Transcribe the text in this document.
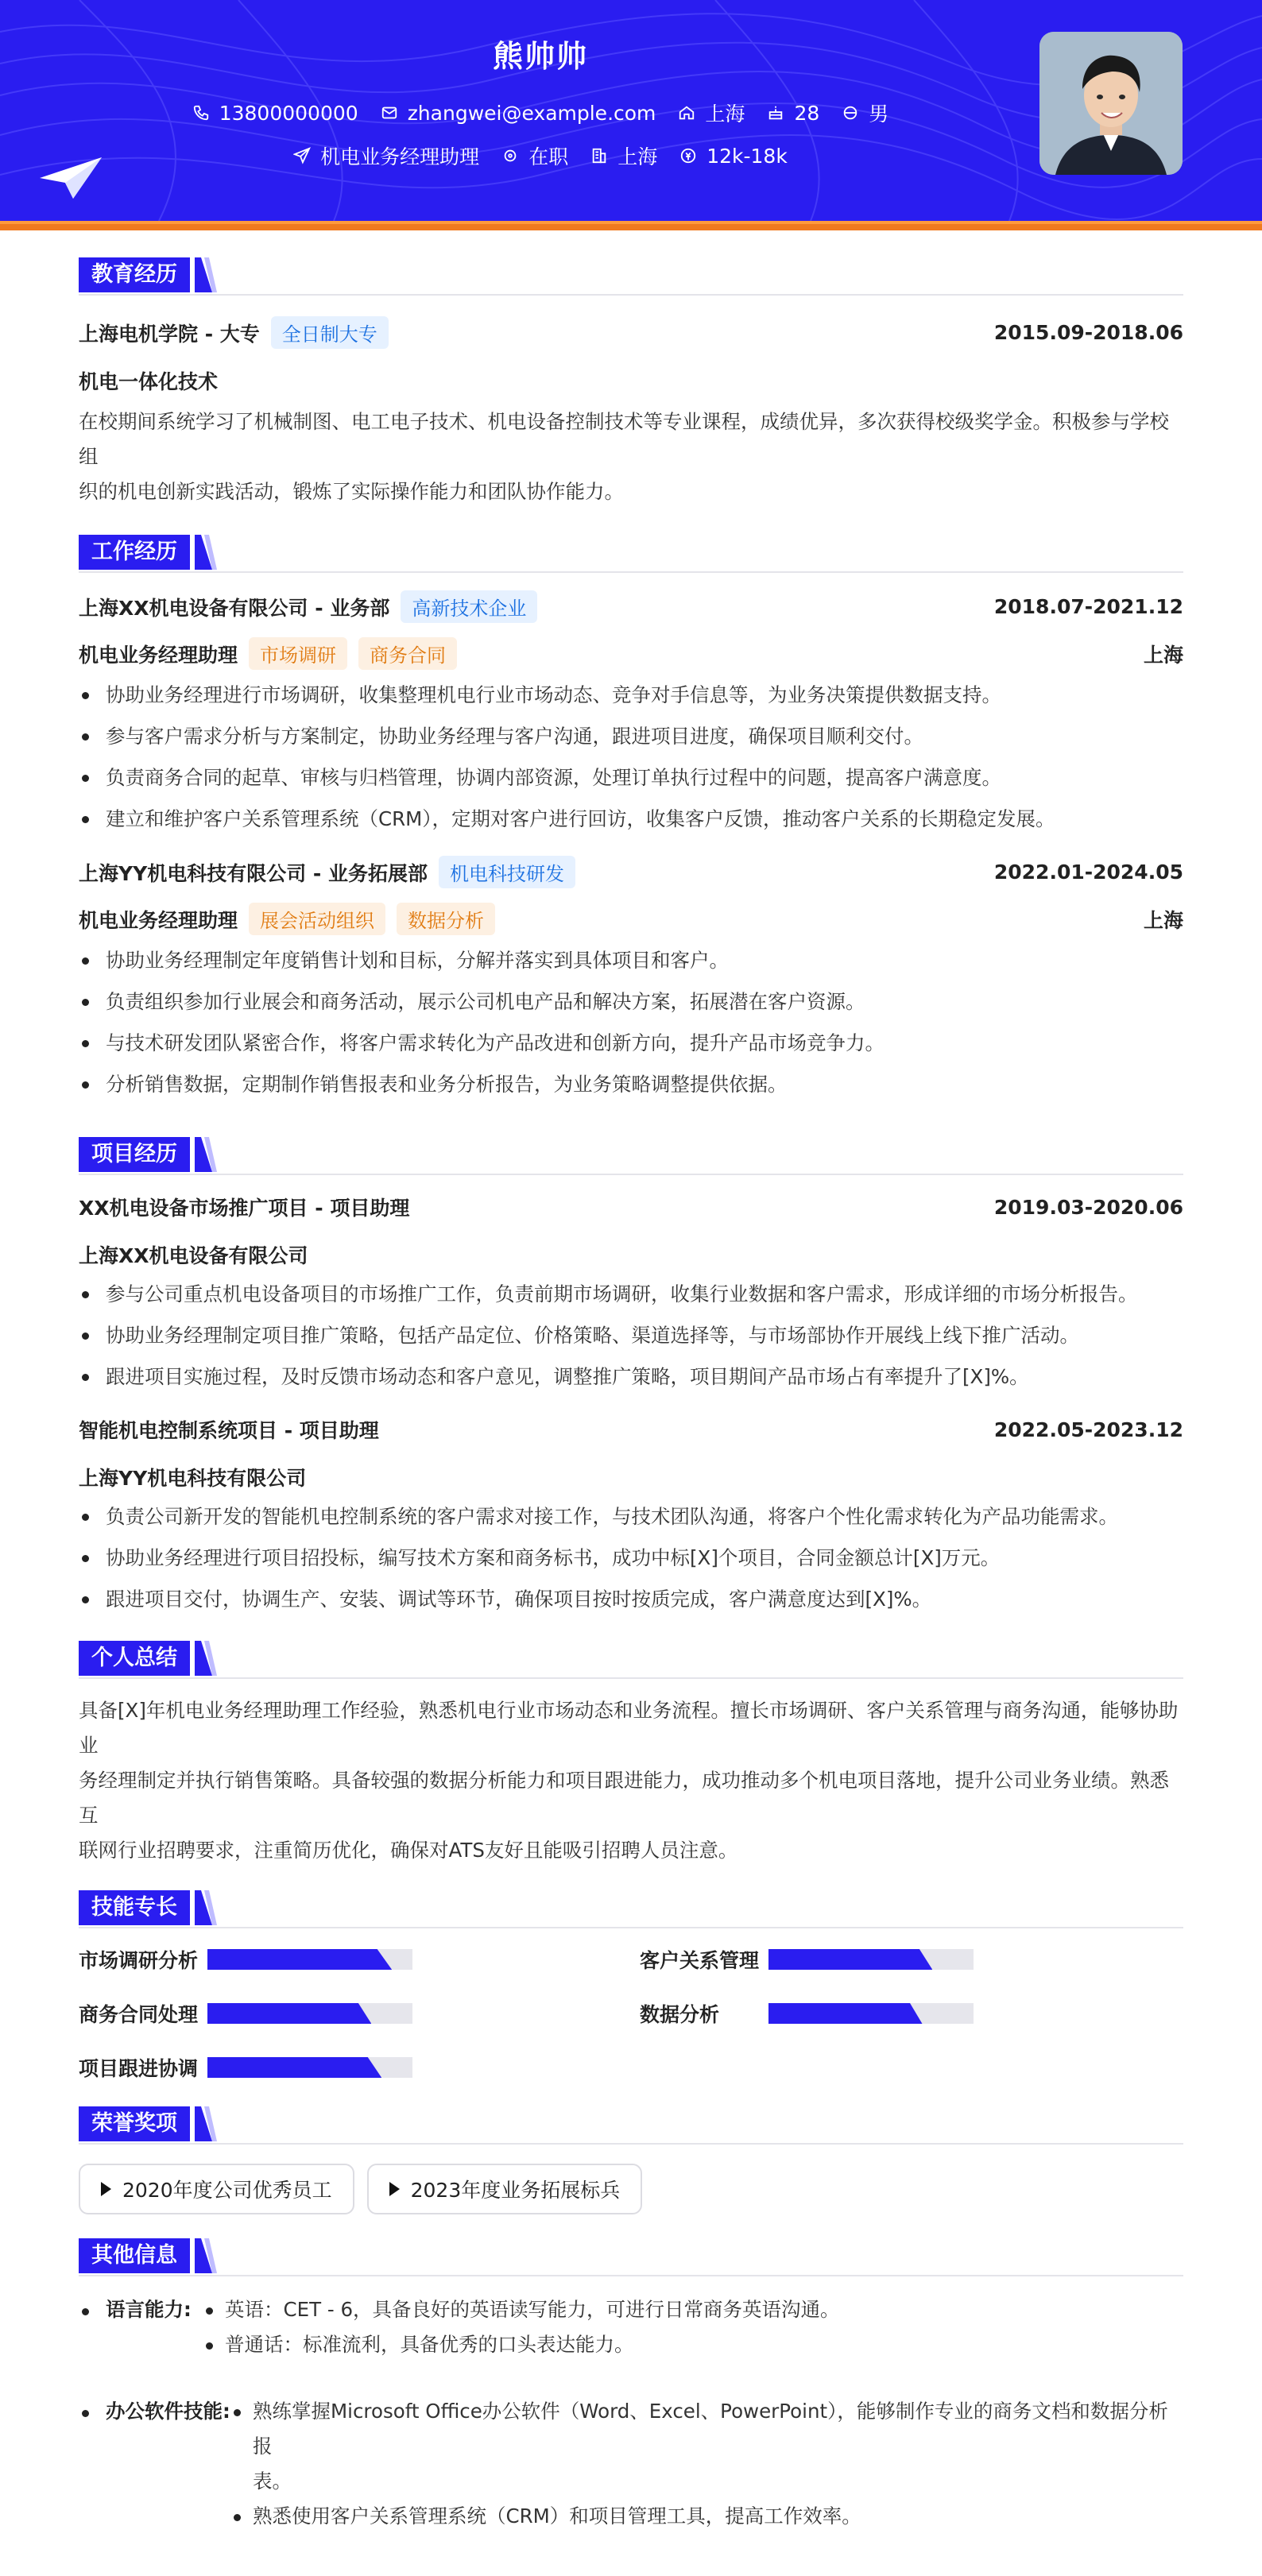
熊帅帅
13800000000 zhangwei@example.com 上海 28 男
机电业务经理助理 在职 上海 12k-18k
教育经历
上海电机学院 - 大专 全日制大专	2015.09-2018.06
机电一体化技术
在校期间系统学习了机械制图、电工电子技术、机电设备控制技术等专业课程，成绩优异，多次获得校级奖学金。积极参与学校组
织的机电创新实践活动，锻炼了实际操作能力和团队协作能力。
工作经历
上海XX机电设备有限公司 - 业务部 高新技术企业	2018.07-2021.12
机电业务经理助理 市场调研 商务合同	上海
协助业务经理进行市场调研，收集整理机电行业市场动态、竞争对手信息等，为业务决策提供数据支持。
参与客户需求分析与方案制定，协助业务经理与客户沟通，跟进项目进度，确保项目顺利交付。
负责商务合同的起草、审核与归档管理，协调内部资源，处理订单执行过程中的问题，提高客户满意度。
建立和维护客户关系管理系统（CRM），定期对客户进行回访，收集客户反馈，推动客户关系的长期稳定发展。
上海YY机电科技有限公司 - 业务拓展部 机电科技研发	2022.01-2024.05
机电业务经理助理 展会活动组织 数据分析	上海
协助业务经理制定年度销售计划和目标，分解并落实到具体项目和客户。
负责组织参加行业展会和商务活动，展示公司机电产品和解决方案，拓展潜在客户资源。
与技术研发团队紧密合作，将客户需求转化为产品改进和创新方向，提升产品市场竞争力。
分析销售数据，定期制作销售报表和业务分析报告，为业务策略调整提供依据。
项目经历
XX机电设备市场推广项目 - 项目助理	2019.03-2020.06
上海XX机电设备有限公司
参与公司重点机电设备项目的市场推广工作，负责前期市场调研，收集行业数据和客户需求，形成详细的市场分析报告。
协助业务经理制定项目推广策略，包括产品定位、价格策略、渠道选择等，与市场部协作开展线上线下推广活动。
跟进项目实施过程，及时反馈市场动态和客户意见，调整推广策略，项目期间产品市场占有率提升了[X]%。
智能机电控制系统项目 - 项目助理	2022.05-2023.12
上海YY机电科技有限公司
负责公司新开发的智能机电控制系统的客户需求对接工作，与技术团队沟通，将客户个性化需求转化为产品功能需求。
协助业务经理进行项目招投标，编写技术方案和商务标书，成功中标[X]个项目，合同金额总计[X]万元。
跟进项目交付，协调生产、安装、调试等环节，确保项目按时按质完成，客户满意度达到[X]%。
个人总结
具备[X]年机电业务经理助理工作经验，熟悉机电行业市场动态和业务流程。擅长市场调研、客户关系管理与商务沟通，能够协助业
务经理制定并执行销售策略。具备较强的数据分析能力和项目跟进能力，成功推动多个机电项目落地，提升公司业务业绩。熟悉互
联网行业招聘要求，注重简历优化，确保对ATS友好且能吸引招聘人员注意。
技能专长
市场调研分析	客户关系管理
商务合同处理	数据分析
项目跟进协调
荣誉奖项
2020年度公司优秀员工	2023年度业务拓展标兵
其他信息
语言能力:	英语：CET - 6，具备良好的英语读写能力，可进行日常商务英语沟通。
普通话：标准流利，具备优秀的口头表达能力。
办公软件技能: 熟练掌握Microsoft Office办公软件（Word、Excel、PowerPoint），能够制作专业的商务文档和数据分析报
表。
熟悉使用客户关系管理系统（CRM）和项目管理工具，提高工作效率。
